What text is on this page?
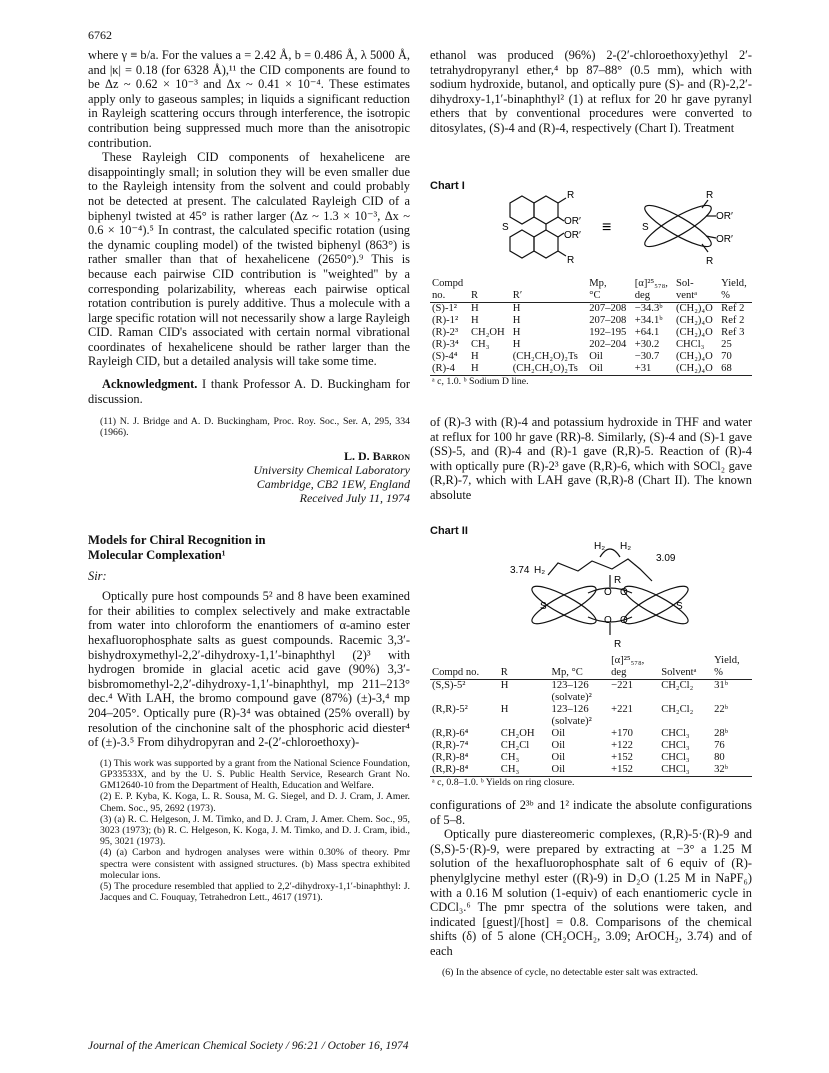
6762

where γ ≡ b/a. For the values a = 2.42 Å, b = 0.486 Å, λ 5000 Å, and |κ| = 0.18 (for 6328 Å),¹¹ the CID components are found to be Δz ~ 0.62 × 10⁻³ and Δx ~ 0.41 × 10⁻⁴. These estimates apply only to gaseous samples; in liquids a significant reduction in Rayleigh scattering occurs through interference, the isotropic contribution being suppressed much more than the anisotropic contribution.

These Rayleigh CID components of hexahelicene are disappointingly small; in solution they will be even smaller due to the Rayleigh intensity from the solvent and could probably not be detected at present. The calculated Rayleigh CID of a biphenyl twisted at 45° is rather larger (Δz ~ 1.3 × 10⁻³, Δx ~ 0.6 × 10⁻⁴).⁵ In contrast, the calculated specific rotation (using the dynamic coupling model) of the twisted biphenyl (863°) is rather smaller than that of hexahelicene (2650°).⁹ This is because each pairwise CID contribution is "weighted" by a corresponding polarizability, whereas each pairwise optical rotation contribution is purely additive. Thus a molecule with a large specific rotation will not necessarily show a large Rayleigh CID. Raman CID's associated with certain normal vibrational coordinates of hexahelicene should be rather larger than the Rayleigh CID, but a detailed analysis will take some time.

Acknowledgment. I thank Professor A. D. Buckingham for discussion.

(11) N. J. Bridge and A. D. Buckingham, Proc. Roy. Soc., Ser. A, 295, 334 (1966).

L. D. Barron
University Chemical Laboratory
Cambridge, CB2 1EW, England
Received July 11, 1974
Models for Chiral Recognition in
Molecular Complexation¹

Sir:

Optically pure host compounds 5² and 8 have been examined for their abilities to complex selectively and make extractable from water into chloroform the enantiomers of α-amino ester hexafluorophosphate salts as guest compounds. Racemic 3,3′-bishydroxymethyl-2,2′-dihydroxy-1,1′-binaphthyl (2)³ with hydrogen bromide in glacial acetic acid gave (90%) 3,3′-bisbromomethyl-2,2′-dihydroxy-1,1′-binaphthyl, mp 211–213° dec.⁴ With LAH, the bromo compound gave (87%) (±)-3,⁴ mp 204–205°. Optically pure (R)-3⁴ was obtained (25% overall) by resolution of the cinchonine salt of the phosphoric acid diester⁴ of (±)-3.⁵ From dihydropyran and 2-(2′-chloroethoxy)-

(1) This work was supported by a grant from the National Science Foundation, GP33533X, and by the U. S. Public Health Service, Research Grant No. GM12640-10 from the Department of Health, Education and Welfare.

(2) E. P. Kyba, K. Koga, L. R. Sousa, M. G. Siegel, and D. J. Cram, J. Amer. Chem. Soc., 95, 2692 (1973).

(3) (a) R. C. Helgeson, J. M. Timko, and D. J. Cram, J. Amer. Chem. Soc., 95, 3023 (1973); (b) R. C. Helgeson, K. Koga, J. M. Timko, and D. J. Cram, ibid., 95, 3021 (1973).

(4) (a) Carbon and hydrogen analyses were within 0.30% of theory. Pmr spectra were consistent with assigned structures. (b) Mass spectra exhibited molecular ions.

(5) The procedure resembled that applied to 2,2′-dihydroxy-1,1′-binaphthyl: J. Jacques and C. Fouquay, Tetrahedron Lett., 4617 (1971).

ethanol was produced (96%) 2-(2′-chloroethoxy)ethyl 2′-tetrahydropyranyl ether,⁴ bp 87–88° (0.5 mm), which with sodium hydroxide, butanol, and optically pure (S)- and (R)-2,2′-dihydroxy-1,1′-binaphthyl² (1) at reflux for 20 hr gave pyranyl ethers that by conventional procedures were converted to ditosylates, (S)-4 and (R)-4, respectively (Chart I). Treatment

Chart I
R
OR′
OR′
R
S	≡	S
R
OR′
OR′
R
Compd			Mp,	[α]²⁵₅₇₈,	Sol-	Yield,
no.	R	R′	°C	deg	ventᵃ	%
(S)-1²	H	H	207–208	−34.3ᵇ	(CH₂)₄O	Ref 2
(R)-1²	H	H	207–208	+34.1ᵇ	(CH₂)₄O	Ref 2
(R)-2³	CH₂OH	H	192–195	+64.1	(CH₂)₄O	Ref 3
(R)-3⁴	CH₃	H	202–204	+30.2	CHCl₃	25
(S)-4⁴	H	(CH₂CH₂O)₂Ts	Oil	−30.7	(CH₂)₄O	70
(R)-4	H	(CH₂CH₂O)₂Ts	Oil	+31	(CH₂)₄O	68
ᵃ c, 1.0. ᵇ Sodium D line.						

of (R)-3 with (R)-4 and potassium hydroxide in THF and water at reflux for 100 hr gave (RR)-8. Similarly, (S)-4 and (S)-1 gave (SS)-5, and (R)-4 and (R)-1 gave (R,R)-5. Reaction of (R)-4 with optically pure (R)-2³ gave (R,R)-6, which with SOCl₂ gave (R,R)-7, which with LAH gave (R,R)-8 (Chart II). The known absolute

Chart II
H₂ H₂
3.74 H₂
3.09
R
O O
S	S
O O
R
			[α]²⁵₅₇₈,		Yield,
Compd no.	R	Mp, °C	deg	Solventᵃ	%
(S,S)-5²	H	123–126	−221	CH₂Cl₂	31ᵇ
		(solvate)²			
(R,R)-5²	H	123–126	+221	CH₂Cl₂	22ᵇ
		(solvate)²			
(R,R)-6⁴	CH₂OH	Oil	+170	CHCl₃	28ᵇ
(R,R)-7⁴	CH₂Cl	Oil	+122	CHCl₃	76
(R,R)-8⁴	CH₃	Oil	+152	CHCl₃	80
(R,R)-8⁴	CH₃	Oil	+152	CHCl₃	32ᵇ
ᵃ c, 0.8–1.0. ᵇ Yields on ring closure.					

configurations of 2³ᵇ and 1² indicate the absolute configurations of 5–8.

Optically pure diastereomeric complexes, (R,R)-5·(R)-9 and (S,S)-5·(R)-9, were prepared by extracting at −3° a 1.25 M solution of the hexafluorophosphate salt of 6 equiv of (R)-phenylglycine methyl ester ((R)-9) in D₂O (1.25 M in NaPF₆) with a 0.16 M solution (1-equiv) of each enantiomeric cycle in CDCl₃.⁶ The pmr spectra of the solutions were taken, and indicated [guest]/[host] = 0.8. Comparisons of the chemical shifts (δ) of 5 alone (CH₂OCH₂, 3.09; ArOCH₂, 3.74) and of each

(6) In the absence of cycle, no detectable ester salt was extracted.

Journal of the American Chemical Society / 96:21 / October 16, 1974
